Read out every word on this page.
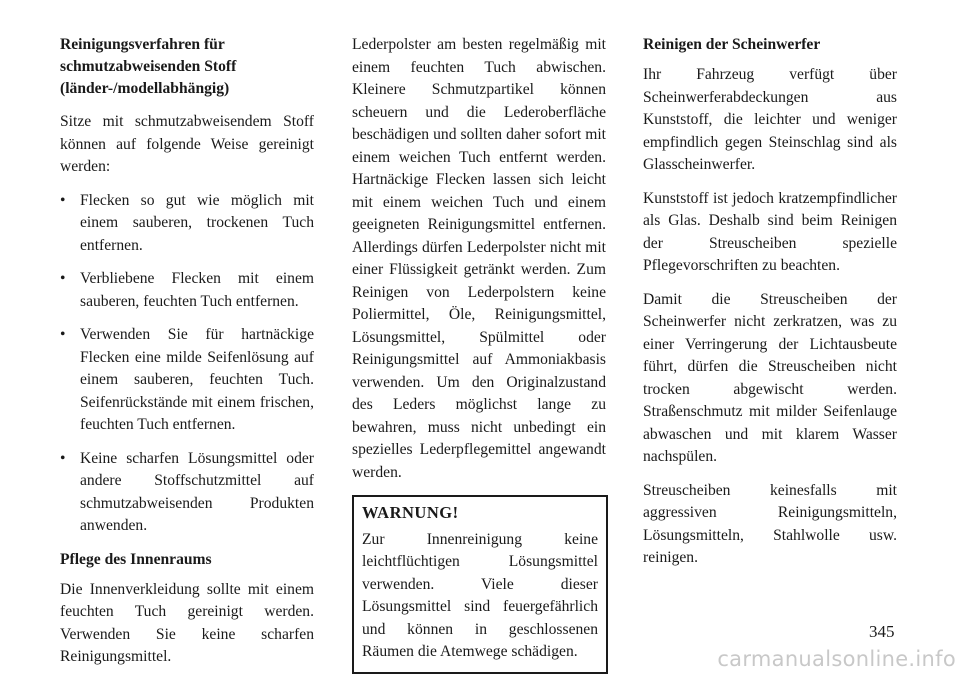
Reinigungsverfahren für
schmutzabweisenden Stoff
(länder-/modellabhängig)

Sitze mit schmutzabweisendem Stoff können auf folgende Weise gereinigt werden:

• Flecken so gut wie möglich mit einem sauberen, trockenen Tuch entfernen.
• Verbliebene Flecken mit einem sauberen, feuchten Tuch entfernen.
• Verwenden Sie für hartnäckige Flecken eine milde Seifenlösung auf einem sauberen, feuchten Tuch. Seifenrückstände mit einem frischen, feuchten Tuch entfernen.
• Keine scharfen Lösungsmittel oder andere Stoffschutzmittel auf schmutzabweisenden Produkten anwenden.
Pflege des Innenraums

Die Innenverkleidung sollte mit einem feuchten Tuch gereinigt werden. Verwenden Sie keine scharfen Reinigungsmittel.

Lederpolster am besten regelmäßig mit einem feuchten Tuch abwischen. Kleinere Schmutzpartikel können scheuern und die Lederoberfläche beschädigen und sollten daher sofort mit einem weichen Tuch entfernt werden. Hartnäckige Flecken lassen sich leicht mit einem weichen Tuch und einem geeigneten Reinigungsmittel entfernen. Allerdings dürfen Lederpolster nicht mit einer Flüssigkeit getränkt werden. Zum Reinigen von Lederpolstern keine Poliermittel, Öle, Reinigungsmittel, Lösungsmittel, Spülmittel oder Reinigungsmittel auf Ammoniakbasis verwenden. Um den Originalzustand des Leders möglichst lange zu bewahren, muss nicht unbedingt ein spezielles Lederpflegemittel angewandt werden.

WARNUNG!

Zur Innenreinigung keine leichtflüchtigen Lösungsmittel verwenden. Viele dieser Lösungsmittel sind feuergefährlich und können in geschlossenen Räumen die Atemwege schädigen.

Reinigen der Scheinwerfer

Ihr Fahrzeug verfügt über Scheinwerferabdeckungen aus Kunststoff, die leichter und weniger empfindlich gegen Steinschlag sind als Glasscheinwerfer.

Kunststoff ist jedoch kratzempfindlicher als Glas. Deshalb sind beim Reinigen der Streuscheiben spezielle Pflegevorschriften zu beachten.

Damit die Streuscheiben der Scheinwerfer nicht zerkratzen, was zu einer Verringerung der Lichtausbeute führt, dürfen die Streuscheiben nicht trocken abgewischt werden. Straßenschmutz mit milder Seifenlauge abwaschen und mit klarem Wasser nachspülen.

Streuscheiben keinesfalls mit aggressiven Reinigungsmitteln, Lösungsmitteln, Stahlwolle usw. reinigen.

345
carmanualsonline.info
